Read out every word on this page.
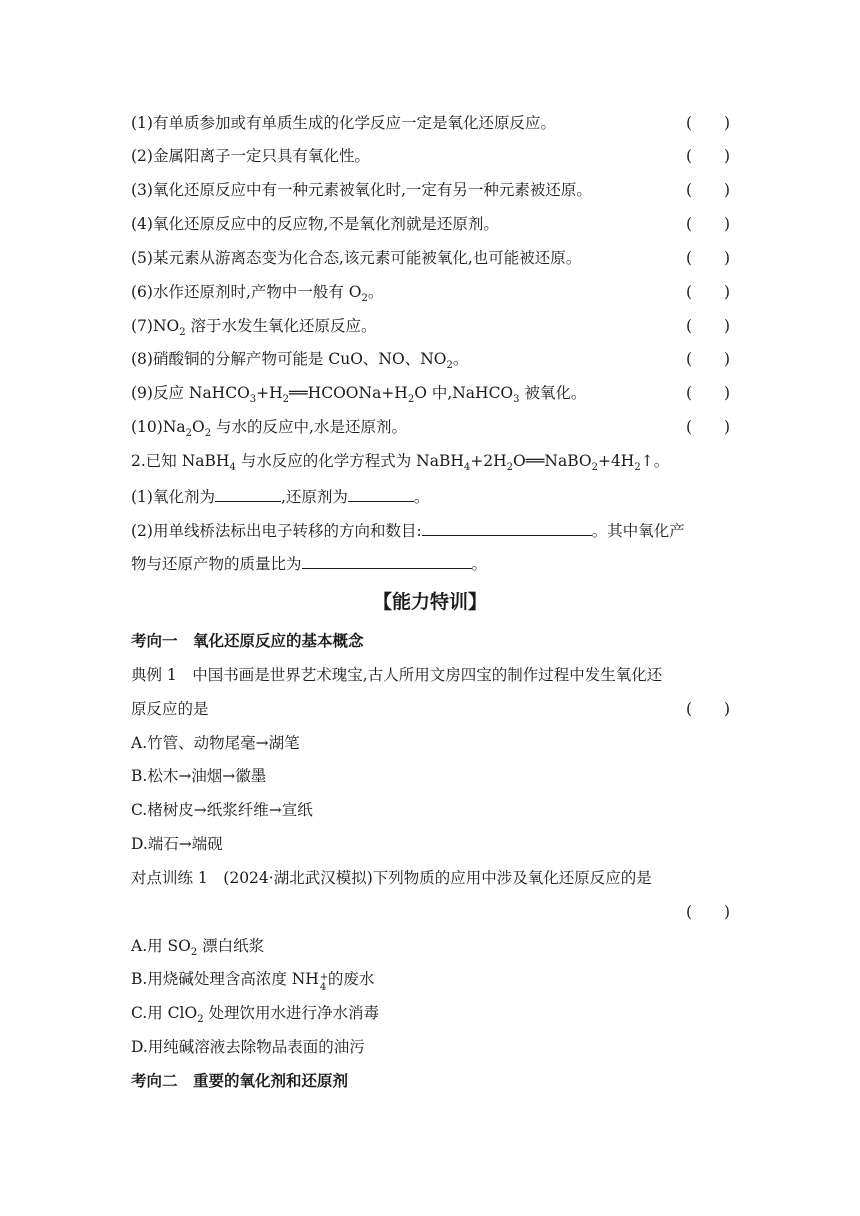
(1)有单质参加或有单质生成的化学反应一定是氧化还原反应。	( )
(2)金属阳离子一定只具有氧化性。	( )
(3)氧化还原反应中有一种元素被氧化时,一定有另一种元素被还原。	( )
(4)氧化还原反应中的反应物,不是氧化剂就是还原剂。	( )
(5)某元素从游离态变为化合态,该元素可能被氧化,也可能被还原。	( )
(6)水作还原剂时,产物中一般有 $O_2$。	( )
$(7)NO_2$ 溶于水发生氧化还原反应。	( )
(8)硝酸铜的分解产物可能是 CuO、NO、$NO_2$。	( )
(9)反应 $NaHCO_3+H_2══HCOONa+H_2O$ 中,NaHCO$_3$ 被氧化。	( )
$(10)Na_2O_2$ 与水的反应中,水是还原剂。	( )
2.已知 NaBH$_4$ 与水反应的化学方程式为 $NaBH_4+2H_2O══NaBO_2+4H_2↑$。
(1)氧化剂为	,还原剂为	。
(2)用单线桥法标出电子转移的方向和数目:	。其中氧化产
物与还原产物的质量比为	。
【能力特训】
考向一　氧化还原反应的基本概念
典例 1　中国书画是世界艺术瑰宝,古人所用文房四宝的制作过程中发生氧化还
原反应的是	( )
A.竹管、动物尾毫→湖笔
B.松木→油烟→徽墨
C.楮树皮→纸浆纤维→宣纸
D.端石→端砚
对点训练 1　(2024·湖北武汉模拟)下列物质的应用中涉及氧化还原反应的是
( )
A.用 $SO_2$ 漂白纸浆
B.用烧碱处理含高浓度 NH +
4 的废水
C.用 ClO$_2$ 处理饮用水进行净水消毒
D.用纯碱溶液去除物品表面的油污
考向二　重要的氧化剂和还原剂
